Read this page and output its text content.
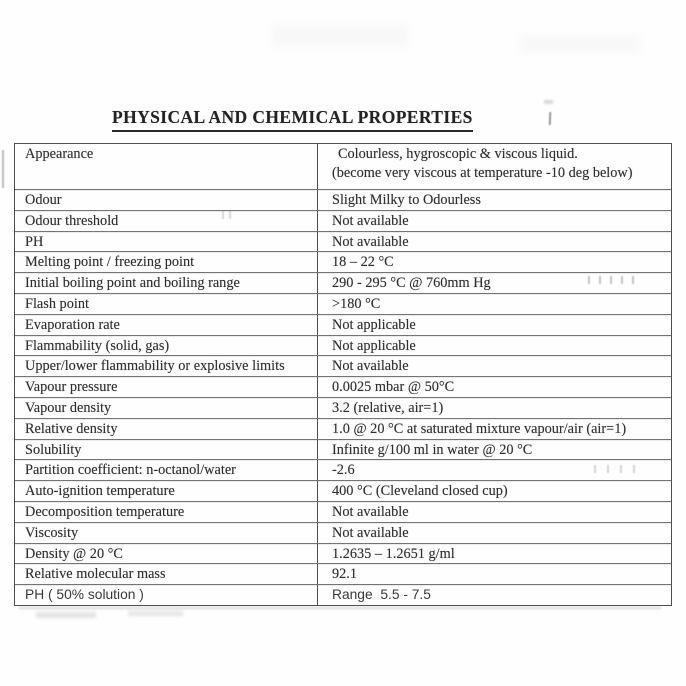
PHYSICAL AND CHEMICAL PROPERTIES
Appearance	Colourless, hygroscopic & viscous liquid.
(become very viscous at temperature -10 deg below)
Odour	Slight Milky to Odourless
Odour threshold	Not available
PH	Not available
Melting point / freezing point	18 – 22 °C
Initial boiling point and boiling range	290 - 295 °C @ 760mm Hg
Flash point	>180 °C
Evaporation rate	Not applicable
Flammability (solid, gas)	Not applicable
Upper/lower flammability or explosive limits	Not available
Vapour pressure	0.0025 mbar @ 50°C
Vapour density	3.2 (relative, air=1)
Relative density	1.0 @ 20 °C at saturated mixture vapour/air (air=1)
Solubility	Infinite g/100 ml in water @ 20 °C
Partition coefficient: n-octanol/water	-2.6
Auto-ignition temperature	400 °C (Cleveland closed cup)
Decomposition temperature	Not available
Viscosity	Not available
Density @ 20 °C	1.2635 – 1.2651 g/ml
Relative molecular mass	92.1
PH ( 50% solution )	Range  5.5 - 7.5
